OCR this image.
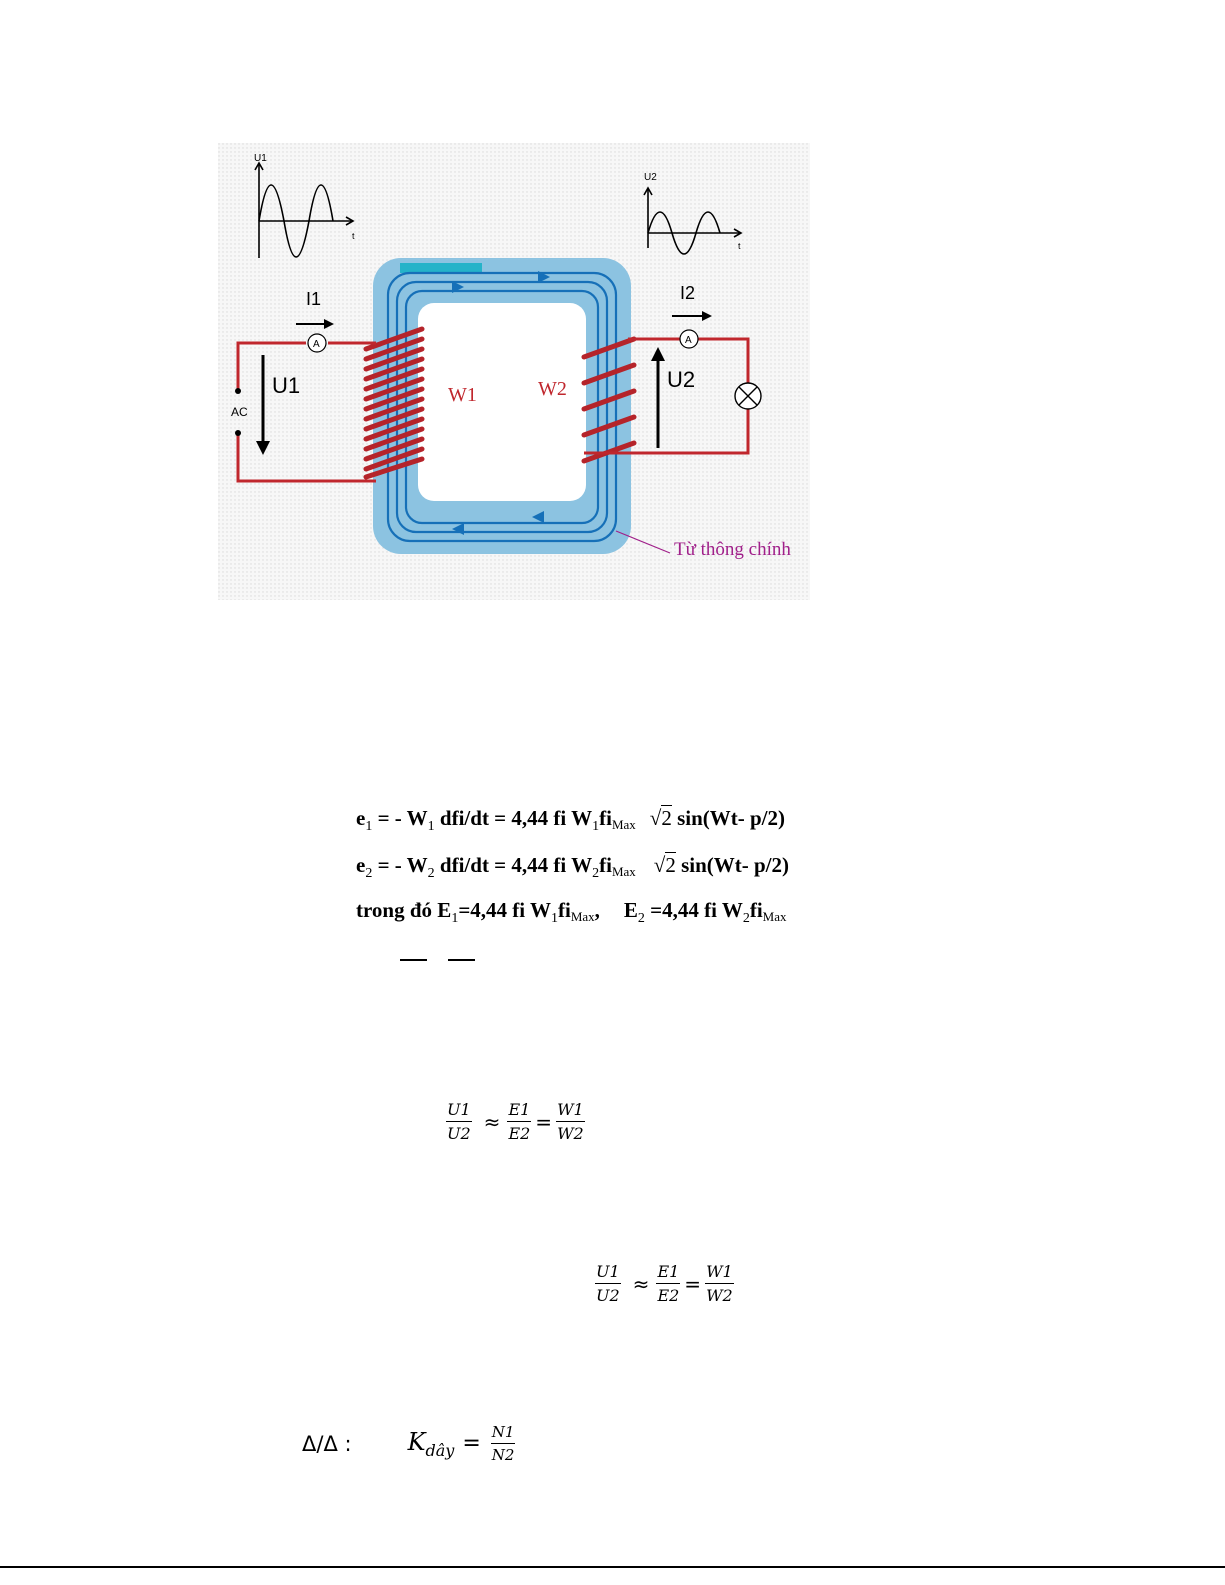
U1
t
U2
t
AC
A
I1
U1
A
I2
U2
W1	W2
Từ thông chính
$e_1$ = - $W_1$ dfi/dt = 4,44 fi $W_1fiMax$ √2 sin(Wt- p/2)
$e_2$ = - $W_2$ dfi/dt = 4,44 fi $W_2fiMax$ √2 sin(Wt- p/2)
trong đó $E_1=4,44$ fi $W_1fiMax$, $E_2 =4,44$ fi $W_2fiMax$
$\frac{U1}{U2} \approx \frac{E1}{E2} = \frac{W1}{W2}$
$\frac{U1}{U2} \approx \frac{E1}{E2} = \frac{W1}{W2}$
Δ/Δ : $K_{dây} = \frac{N1}{N2}$
